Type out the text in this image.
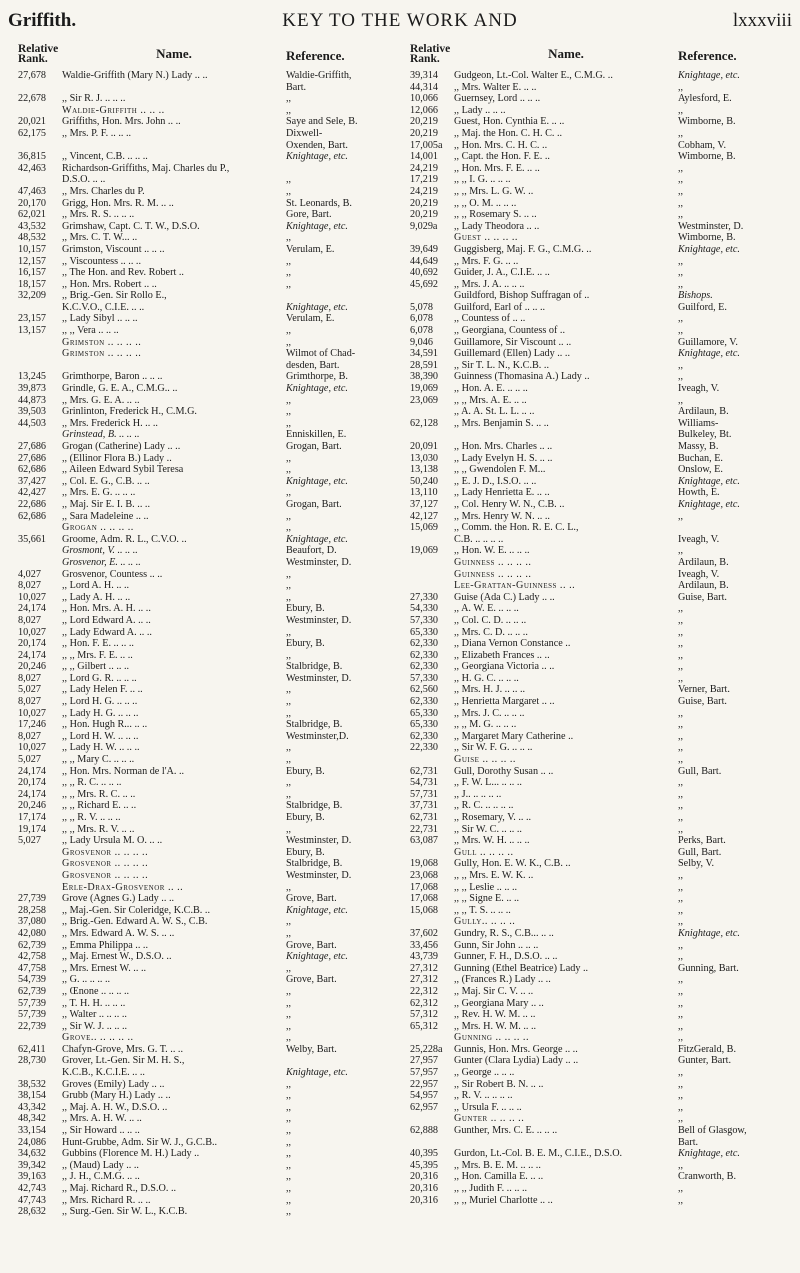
Griffith.	KEY TO THE WORK AND	lxxxviii
Relative Rank.	Name.	Reference.
27,678	Waldie-Griffith (Mary N.) Lady .. ..	Waldie-Griffith,
Bart.
22,678	,, Sir R. J. .. .. ..	,,
Waldie-Griffith .. .. ..	,,
20,021	Griffiths, Hon. Mrs. John .. ..	Saye and Sele, B.
62,175	,, Mrs. P. F. .. .. ..	Dixwell-
Oxenden, Bart.
36,815	,, Vincent, C.B. .. .. ..	Knightage, etc.
42,463	Richardson-Griffiths, Maj. Charles du P.,
D.S.O. .. ..	,,
47,463	,, Mrs. Charles du P.	,,
20,170	Grigg, Hon. Mrs. R. M. .. ..	St. Leonards, B.
62,021	,, Mrs. R. S. .. .. ..	Gore, Bart.
43,532	Grimshaw, Capt. C. T. W., D.S.O.	Knightage, etc.
48,532	,, Mrs. C. T. W... ..	,,
10,157	Grimston, Viscount .. .. ..	Verulam, E.
12,157	,, Viscountess .. .. ..	,,
16,157	,, The Hon. and Rev. Robert ..	,,
18,157	,, Hon. Mrs. Robert .. ..	,,
32,209	,, Brig.-Gen. Sir Rollo E.,
K.C.V.O., C.I.E. .. ..	Knightage, etc.
23,157	,, Lady Sibyl .. .. ..	Verulam, E.
13,157	,, ,, Vera .. .. ..	,,
Grimston .. .. .. ..	,,
Grimston .. .. .. ..	Wilmot of Chad-
desden, Bart.
13,245	Grimthorpe, Baron .. .. ..	Grimthorpe, B.
39,873	Grindle, G. E. A., C.M.G.. ..	Knightage, etc.
44,873	,, Mrs. G. E. A. .. ..	,,
39,503	Grinlinton, Frederick H., C.M.G.	,,
44,503	,, Mrs. Frederick H. .. ..	,,
Grinstead, B. .. .. ..	Enniskillen, E.
27,686	Grogan (Catherine) Lady .. ..	Grogan, Bart.
27,686	,, (Ellinor Flora B.) Lady ..	,,
62,686	,, Aileen Edward Sybil Teresa	,,
37,427	,, Col. E. G., C.B. .. ..	Knightage, etc.
42,427	,, Mrs. E. G. .. .. ..	,,
22,686	,, Maj. Sir E. I. B. .. ..	Grogan, Bart.
62,686	,, Sara Madeleine .. ..	,,
Grogan .. .. .. ..	,,
35,661	Groome, Adm. R. L., C.V.O. ..	Knightage, etc.
Grosmont, V. .. .. ..	Beaufort, D.
Grosvenor, E. .. .. ..	Westminster, D.
4,027	Grosvenor, Countess .. ..	,,
8,027	,, Lord A. H. .. ..	,,
10,027	,, Lady A. H. .. ..	,,
24,174	,, Hon. Mrs. A. H. .. ..	Ebury, B.
8,027	,, Lord Edward A. .. ..	Westminster, D.
10,027	,, Lady Edward A. .. ..	,,
20,174	,, Hon. F. E. .. .. ..	Ebury, B.
24,174	,, ,, Mrs. F. E. .. ..	,,
20,246	,, ,, Gilbert .. .. ..	Stalbridge, B.
8,027	,, Lord G. R. .. .. ..	Westminster, D.
5,027	,, Lady Helen F. .. ..	,,
8,027	,, Lord H. G. .. .. ..	,,
10,027	,, Lady H. G. .. .. ..	,,
17,246	,, Hon. Hugh R... .. ..	Stalbridge, B.
8,027	,, Lord H. W. .. .. ..	Westminster,D.
10,027	,, Lady H. W. .. .. ..	,,
5,027	,, ,, Mary C. .. .. ..	,,
24,174	,, Hon. Mrs. Norman de l'A. ..	Ebury, B.
20,174	,, ,, R. C. .. .. ..	,,
24,174	,, ,, Mrs. R. C. .. ..	,,
20,246	,, ,, Richard E. .. ..	Stalbridge, B.
17,174	,, ,, R. V. .. .. ..	Ebury, B.
19,174	,, ,, Mrs. R. V. .. ..	,,
5,027	,, Lady Ursula M. O. .. ..	Westminster, D.
Grosvenor .. .. .. ..	Ebury, B.
Grosvenor .. .. .. ..	Stalbridge, B.
Grosvenor .. .. .. ..	Westminster, D.
Erle-Drax-Grosvenor .. ..	,,
27,739	Grove (Agnes G.) Lady .. ..	Grove, Bart.
28,258	,, Maj.-Gen. Sir Coleridge, K.C.B. ..	Knightage, etc.
37,080	,, Brig.-Gen. Edward A. W. S., C.B.	,,
42,080	,, Mrs. Edward A. W. S. .. ..	,,
62,739	,, Emma Philippa .. ..	Grove, Bart.
42,758	,, Maj. Ernest W., D.S.O. ..	Knightage, etc.
47,758	,, Mrs. Ernest W. .. ..	,,
54,739	,, G. .. .. .. ..	Grove, Bart.
62,739	,, Œnone .. .. .. ..	,,
57,739	,, T. H. H. .. .. ..	,,
57,739	,, Walter .. .. .. ..	,,
22,739	,, Sir W. J. .. .. ..	,,
Grove.. .. .. .. ..	,,
62,411	Chafyn-Grove, Mrs. G. T. .. ..	Welby, Bart.
28,730	Grover, Lt.-Gen. Sir M. H. S.,
K.C.B., K.C.I.E. .. ..	Knightage, etc.
38,532	Groves (Emily) Lady .. ..	,,
38,154	Grubb (Mary H.) Lady .. ..	,,
43,342	,, Maj. A. H. W., D.S.O. ..	,,
48,342	,, Mrs. A. H. W. .. ..	,,
33,154	,, Sir Howard .. .. ..	,,
24,086	Hunt-Grubbe, Adm. Sir W. J., G.C.B..	,,
34,632	Gubbins (Florence M. H.) Lady ..	,,
39,342	,, (Maud) Lady .. ..	,,
39,163	,, J. H., C.M.G. .. ..	,,
42,743	,, Maj. Richard R., D.S.O. ..	,,
47,743	,, Mrs. Richard R. .. ..	,,
28,632	,, Surg.-Gen. Sir W. L., K.C.B.	,,
Relative Rank.	Name.	Reference.
39,314	Gudgeon, Lt.-Col. Walter E., C.M.G. ..	Knightage, etc.
44,314	,, Mrs. Walter E. .. ..	,,
10,066	Guernsey, Lord .. .. ..	Aylesford, E.
12,066	,, Lady .. .. ..	,,
20,219	Guest, Hon. Cynthia E. .. ..	Wimborne, B.
20,219	,, Maj. the Hon. C. H. C. ..	,,
17,005a	,, Hon. Mrs. C. H. C. ..	Cobham, V.
14,001	,, Capt. the Hon. F. E. ..	Wimborne, B.
24,219	,, Hon. Mrs. F. E. .. ..	,,
17,219	,, ,, I. G. .. .. ..	,,
24,219	,, ,, Mrs. L. G. W. ..	,,
20,219	,, ,, O. M. .. .. ..	,,
20,219	,, ,, Rosemary S. .. ..	,,
9,029a	,, Lady Theodora .. ..	Westminster, D.
Guest .. .. .. ..	Wimborne, B.
39,649	Guggisberg, Maj. F. G., C.M.G. ..	Knightage, etc.
44,649	,, Mrs. F. G. .. ..	,,
40,692	Guider, J. A., C.I.E. .. ..	,,
45,692	,, Mrs. J. A. .. .. ..	,,
Guildford, Bishop Suffragan of ..	Bishops.
5,078	Guilford, Earl of .. .. ..	Guilford, E.
6,078	,, Countess of .. ..	,,
6,078	,, Georgiana, Countess of ..	,,
9,046	Guillamore, Sir Viscount .. ..	Guillamore, V.
34,591	Guillemard (Ellen) Lady .. ..	Knightage, etc.
28,591	,, Sir T. L. N., K.C.B. ..	,,
38,390	Guinness (Thomasina A.) Lady ..	,,
19,069	,, Hon. A. E. .. .. ..	Iveagh, V.
23,069	,, ,, Mrs. A. E. .. ..	,,
,, A. A. St. L. L. .. ..	Ardilaun, B.
62,128	,, Mrs. Benjamin S. .. ..	Williams-
Bulkeley, Bt.
20,091	,, Hon. Mrs. Charles .. ..	Massy, B.
13,030	,, Lady Evelyn H. S. .. ..	Buchan, E.
13,138	,, ,, Gwendolen F. M...	Onslow, E.
50,240	,, E. J. D., I.S.O. .. ..	Knightage, etc.
13,110	,, Lady Henrietta E. .. ..	Howth, E.
37,127	,, Col. Henry W. N., C.B. ..	Knightage, etc.
42,127	,, Mrs. Henry W. N. .. ..	,,
15,069	,, Comm. the Hon. R. E. C. L.,
C.B. .. .. .. ..	Iveagh, V.
19,069	,, Hon. W. E. .. .. ..	,,
Guinness .. .. .. ..	Ardilaun, B.
Guinness .. .. .. ..	Iveagh, V.
Lee-Grattan-Guinness .. ..	Ardilaun, B.
27,330	Guise (Ada C.) Lady .. ..	Guise, Bart.
54,330	,, A. W. E. .. .. ..	,,
57,330	,, Col. C. D. .. .. ..	,,
65,330	,, Mrs. C. D. .. .. ..	,,
62,330	,, Diana Vernon Constance ..	,,
62,330	,, Elizabeth Frances .. ..	,,
62,330	,, Georgiana Victoria .. ..	,,
57,330	,, H. G. C. .. .. ..	,,
62,560	,, Mrs. H. J. .. .. ..	Verner, Bart.
62,330	,, Henrietta Margaret .. ..	Guise, Bart.
65,330	,, Mrs. J. C. .. .. ..	,,
65,330	,, ,, M. G. .. .. ..	,,
62,330	,, Margaret Mary Catherine ..	,,
22,330	,, Sir W. F. G. .. .. ..	,,
Guise .. .. .. ..	,,
62,731	Gull, Dorothy Susan .. ..	Gull, Bart.
54,731	,, F. W. L... .. .. ..	,,
57,731	,, J.. .. .. .. ..	,,
37,731	,, R. C. .. .. .. ..	,,
62,731	,, Rosemary, V. .. ..	,,
22,731	,, Sir W. C. .. .. ..	,,
63,087	,, Mrs. W. H. .. .. ..	Perks, Bart.
Gull .. .. .. ..	Gull, Bart.
19,068	Gully, Hon. E. W. K., C.B. ..	Selby, V.
23,068	,, ,, Mrs. E. W. K. ..	,,
17,068	,, ,, Leslie .. .. ..	,,
17,068	,, ,, Signe E. .. ..	,,
15,068	,, ,, T. S. .. .. ..	,,
Gully.. .. .. ..	,,
37,602	Gundry, R. S., C.B... .. ..	Knightage, etc.
33,456	Gunn, Sir John .. .. ..	,,
43,739	Gunner, F. H., D.S.O. .. ..	,,
27,312	Gunning (Ethel Beatrice) Lady ..	Gunning, Bart.
27,312	,, (Frances R.) Lady .. ..	,,
22,312	,, Maj. Sir C. V. .. ..	,,
62,312	,, Georgiana Mary .. ..	,,
57,312	,, Rev. H. W. M. .. ..	,,
65,312	,, Mrs. H. W. M. .. ..	,,
Gunning .. .. .. ..	,,
25,228a	Gunnis, Hon. Mrs. George .. ..	FitzGerald, B.
27,957	Gunter (Clara Lydia) Lady .. ..	Gunter, Bart.
57,957	,, George .. .. ..	,,
22,957	,, Sir Robert B. N. .. ..	,,
54,957	,, R. V. .. .. .. ..	,,
62,957	,, Ursula F. .. .. ..	,,
Gunter .. .. .. ..	,,
62,888	Gunther, Mrs. C. E. .. .. ..	Bell of Glasgow,
Bart.
40,395	Gurdon, Lt.-Col. B. E. M., C.I.E., D.S.O.	Knightage, etc.
45,395	,, Mrs. B. E. M. .. .. ..	,,
20,316	,, Hon. Camilla E. .. ..	Cranworth, B.
20,316	,, ,, Judith F. .. .. ..	,,
20,316	,, ,, Muriel Charlotte .. ..	,,
